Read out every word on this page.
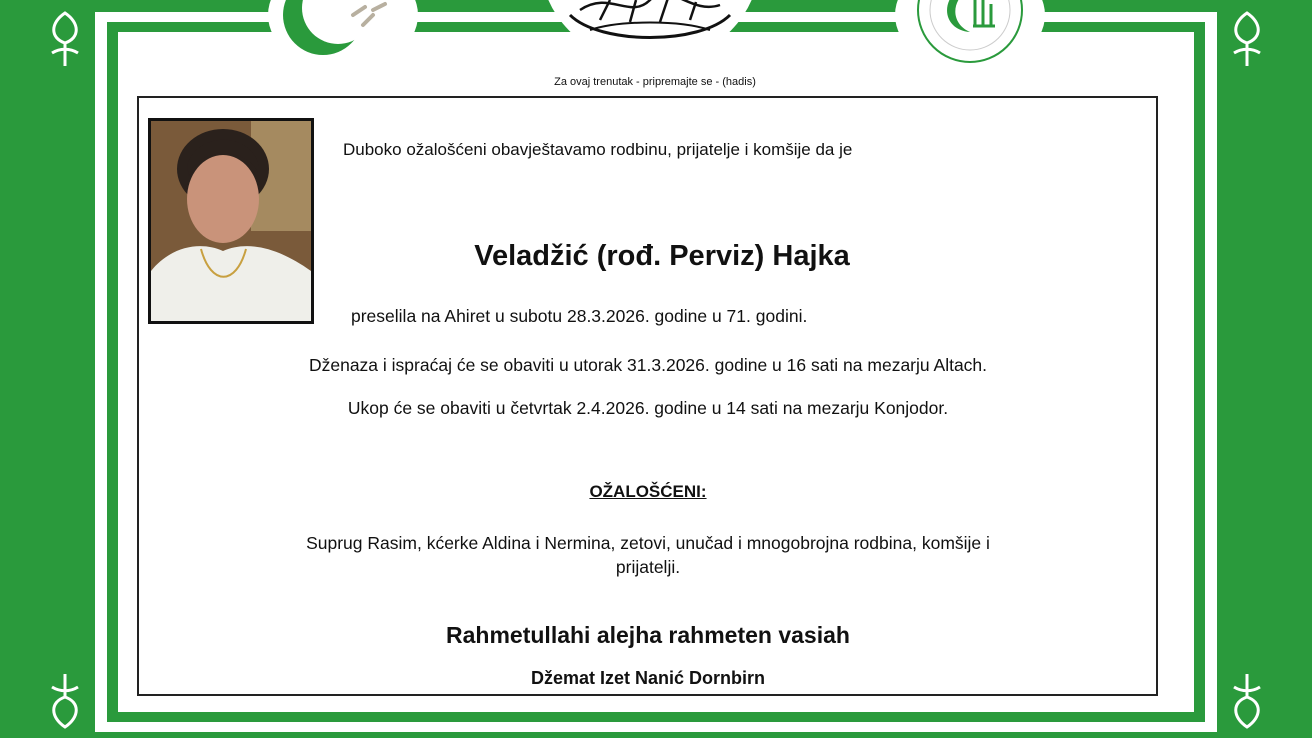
Za ovaj trenutak - pripremajte se - (hadis)
Duboko ožalošćeni obavještavamo rodbinu, prijatelje i komšije da je
Veladžić (rođ. Perviz) Hajka
preselila na Ahiret u subotu 28.3.2026. godine u 71. godini.
Dženaza i ispraćaj će se obaviti u utorak 31.3.2026. godine u 16 sati na mezarju Altach.
Ukop će se obaviti u četvrtak 2.4.2026. godine u 14 sati na mezarju Konjodor.
OŽALOŠĆENI:
Suprug Rasim, kćerke Aldina i Nermina, zetovi, unučad i mnogobrojna rodbina, komšije i
prijatelji.
Rahmetullahi alejha rahmeten vasiah
Džemat Izet Nanić Dornbirn
